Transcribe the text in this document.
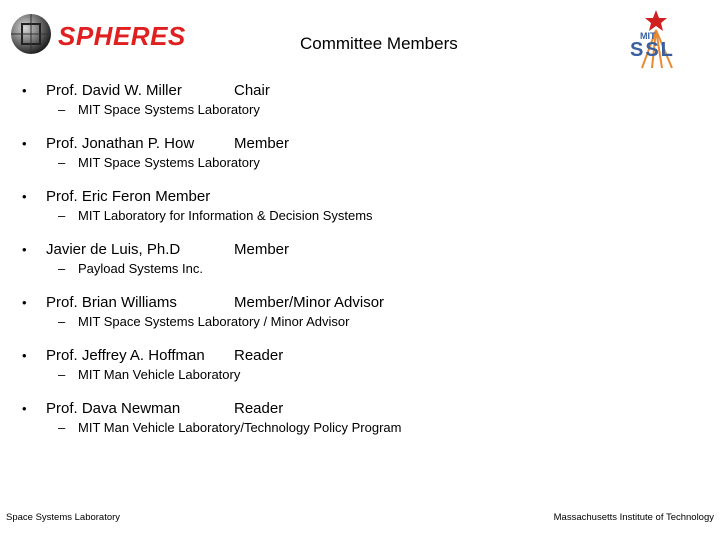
SPHERES	Committee Members	MIT
SSL
• Prof. David W. Miller	Chair
– MIT Space Systems Laboratory
• Prof. Jonathan P. How	Member
– MIT Space Systems Laboratory
• Prof. Eric Feron Member
– MIT Laboratory for Information & Decision Systems
• Javier de Luis, Ph.D	Member
– Payload Systems Inc.
• Prof. Brian Williams	Member/Minor Advisor
– MIT Space Systems Laboratory / Minor Advisor
• Prof. Jeffrey A. Hoffman Reader
– MIT Man Vehicle Laboratory
• Prof. Dava Newman	Reader
– MIT Man Vehicle Laboratory/Technology Policy Program
Space Systems Laboratory	Massachusetts Institute of Technology
